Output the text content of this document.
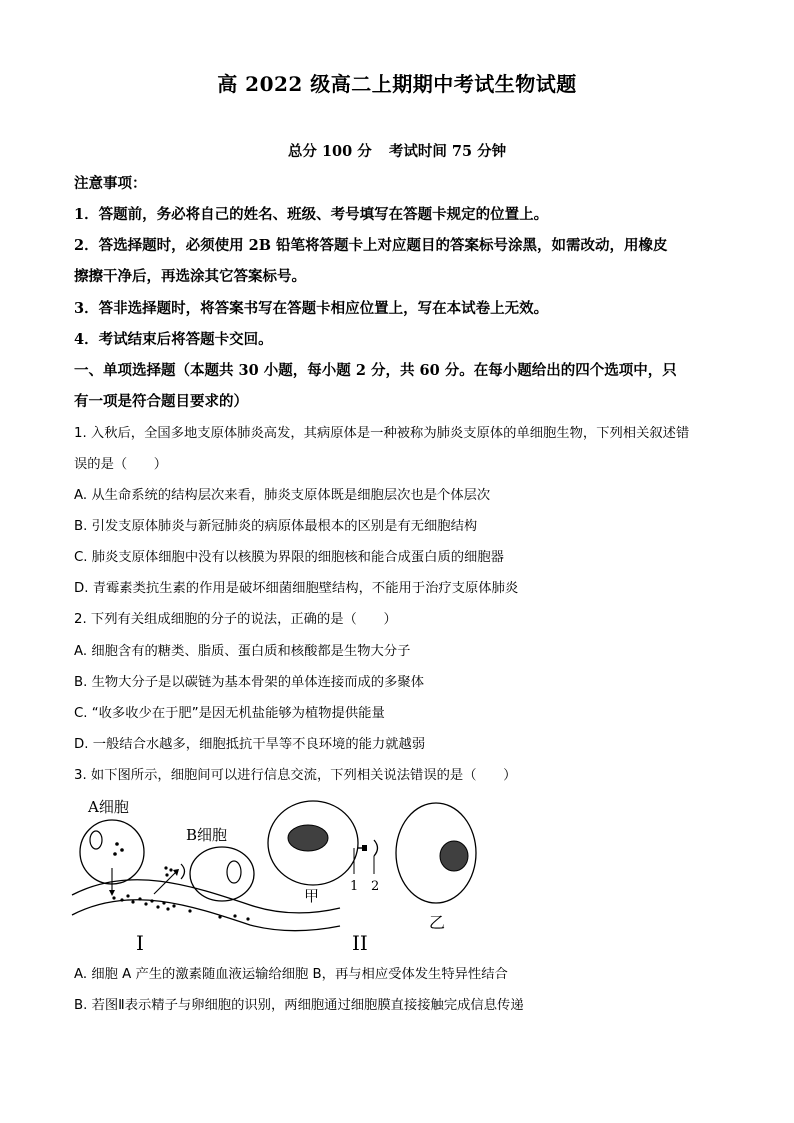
高 2022 级高二上期期中考试生物试题
总分 100 分 考试时间 75 分钟
注意事项：
1．答题前，务必将自己的姓名、班级、考号填写在答题卡规定的位置上。
2．答选择题时，必须使用 2B 铅笔将答题卡上对应题目的答案标号涂黑，如需改动，用橡皮
擦擦干净后，再选涂其它答案标号。
3．答非选择题时，将答案书写在答题卡相应位置上，写在本试卷上无效。
4．考试结束后将答题卡交回。
一、单项选择题（本题共 30 小题，每小题 2 分，共 60 分。在每小题给出的四个选项中，只
有一项是符合题目要求的）
1. 入秋后，全国多地支原体肺炎高发，其病原体是一种被称为肺炎支原体的单细胞生物，下列相关叙述错
误的是（　　）
A. 从生命系统的结构层次来看，肺炎支原体既是细胞层次也是个体层次
B. 引发支原体肺炎与新冠肺炎的病原体最根本的区别是有无细胞结构
C. 肺炎支原体细胞中没有以核膜为界限的细胞核和能合成蛋白质的细胞器
D. 青霉素类抗生素的作用是破坏细菌细胞壁结构，不能用于治疗支原体肺炎
2. 下列有关组成细胞的分子的说法，正确的是（　　）
A. 细胞含有的糖类、脂质、蛋白质和核酸都是生物大分子
B. 生物大分子是以碳链为基本骨架的单体连接而成的多聚体
C. “收多收少在于肥”是因无机盐能够为植物提供能量
D. 一般结合水越多，细胞抵抗干旱等不良环境的能力就越弱
3. 如下图所示，细胞间可以进行信息交流，下列相关说法错误的是（　　）
A细胞
B细胞
I
1 2
甲
乙
II
A. 细胞 A 产生的激素随血液运输给细胞 B，再与相应受体发生特异性结合
B. 若图Ⅱ表示精子与卵细胞的识别，两细胞通过细胞膜直接接触完成信息传递
